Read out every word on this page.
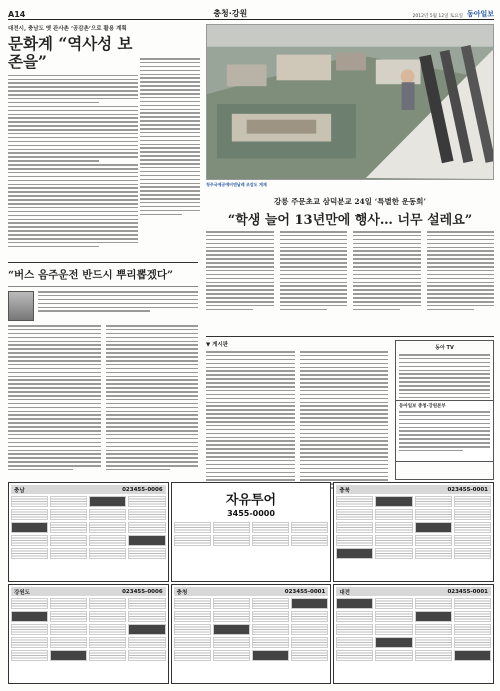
A14	충청·강원	2012년 5월 12일 토요일 동아일보
대전시, 충남도 옛 관사촌 ‘공감촌’으로 활용 계획
문화계 “역사성 보존을”
청주국제공예비엔날레 조감도 게재
강릉 주문초교 삼덕분교 24일 ‘특별한 운동회’
“학생 늘어 13년만에 행사… 너무 설레요”
“버스 음주운전 반드시 뿌리뽑겠다”
▼ 게시판	동아 TV
동아일보 충청·강원본부
충남	023455-0006
자유투어
3455-0000
충북	023455-0001
강원도	023455-0006	충청	023455-0001	대전	023455-0001
